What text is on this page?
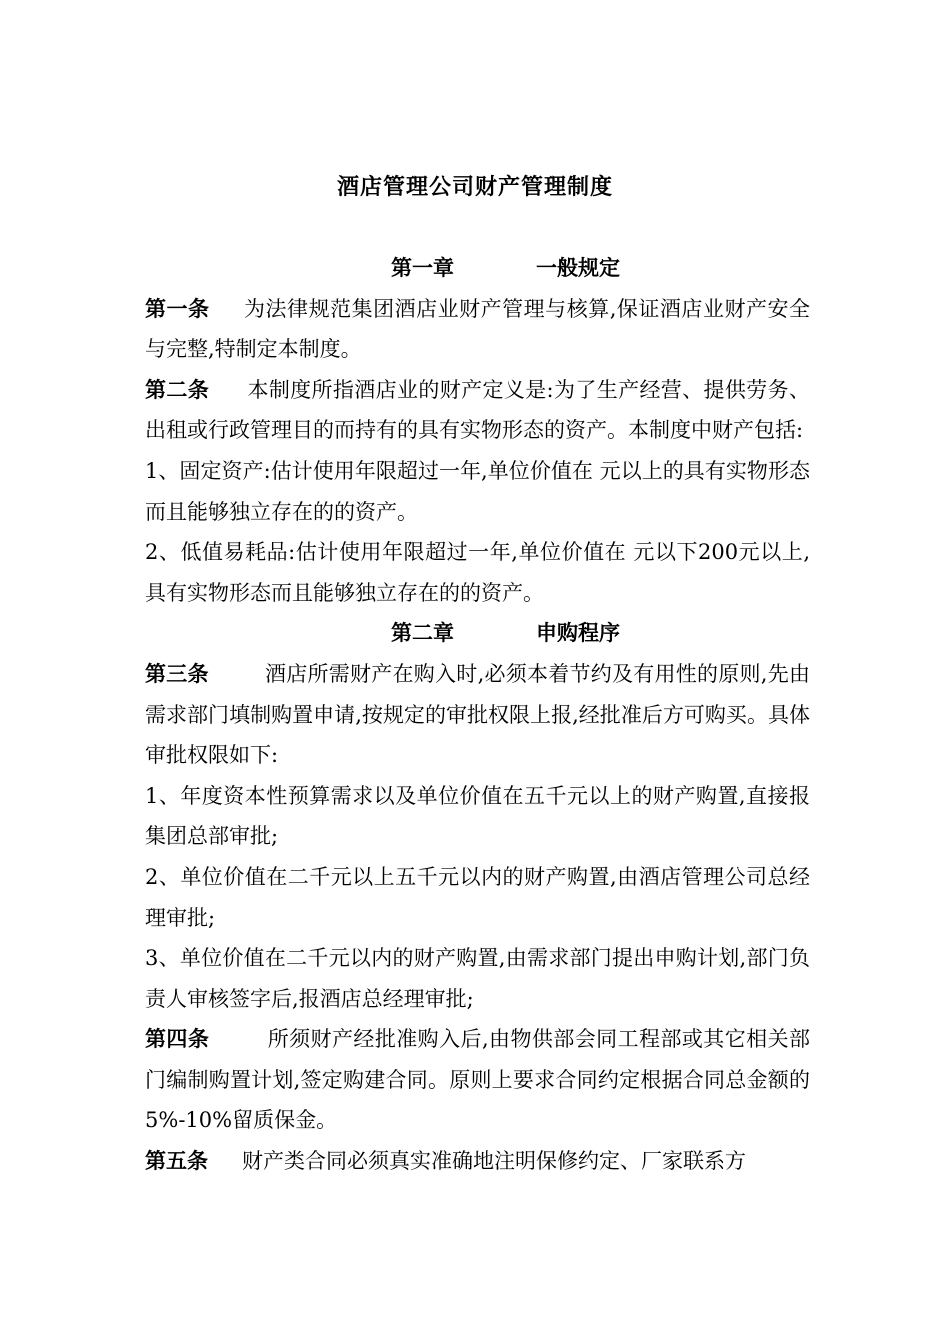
酒店管理公司财产管理制度
第一章	一般规定

第一条 为法律规范集团酒店业财产管理与核算,保证酒店业财产安全与完整,特制定本制度。

第二条 本制度所指酒店业的财产定义是:为了生产经营、提供劳务、出租或行政管理目的而持有的具有实物形态的资产。本制度中财产包括:

1、固定资产:估计使用年限超过一年,单位价值在 元以上的具有实物形态而且能够独立存在的的资产。

2、低值易耗品:估计使用年限超过一年,单位价值在 元以下200元以上,具有实物形态而且能够独立存在的的资产。

第二章	申购程序

第三条	酒店所需财产在购入时,必须本着节约及有用性的原则,先由需求部门填制购置申请,按规定的审批权限上报,经批准后方可购买。具体审批权限如下:

1、年度资本性预算需求以及单位价值在五千元以上的财产购置,直接报集团总部审批;

2、单位价值在二千元以上五千元以内的财产购置,由酒店管理公司总经理审批;

3、单位价值在二千元以内的财产购置,由需求部门提出申购计划,部门负责人审核签字后,报酒店总经理审批;

第四条	所须财产经批准购入后,由物供部会同工程部或其它相关部门编制购置计划,签定购建合同。原则上要求合同约定根据合同总金额的5%-10%留质保金。

第五条 财产类合同必须真实准确地注明保修约定、厂家联系方
